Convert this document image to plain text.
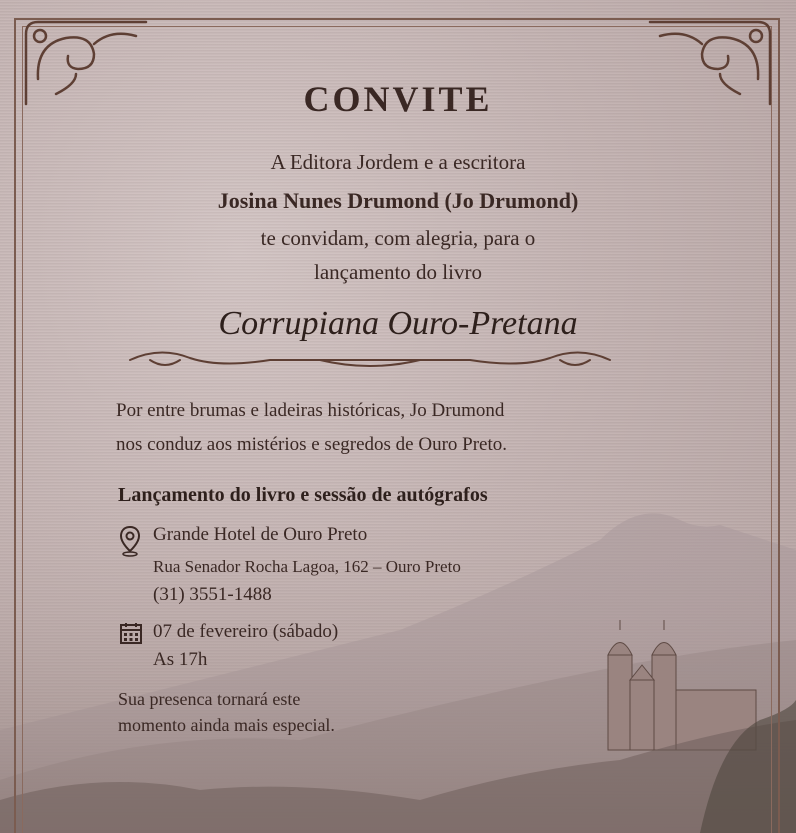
CONVITE
A Editora Jordem e a escritora
Josina Nunes Drumond (Jo Drumond)
te convidam, com alegria, para o
lançamento do livro
Corrupiana Ouro-Pretana
Por entre brumas e ladeiras históricas, Jo Drumond
nos conduz aos mistérios e segredos de Ouro Preto.
Lançamento do livro e sessão de autógrafos
Grande Hotel de Ouro Preto
Rua Senador Rocha Lagoa, 162 – Ouro Preto
(31) 3551-1488
07 de fevereiro (sábado)
As 17h
Sua presenca tornará este
momento ainda mais especial.
